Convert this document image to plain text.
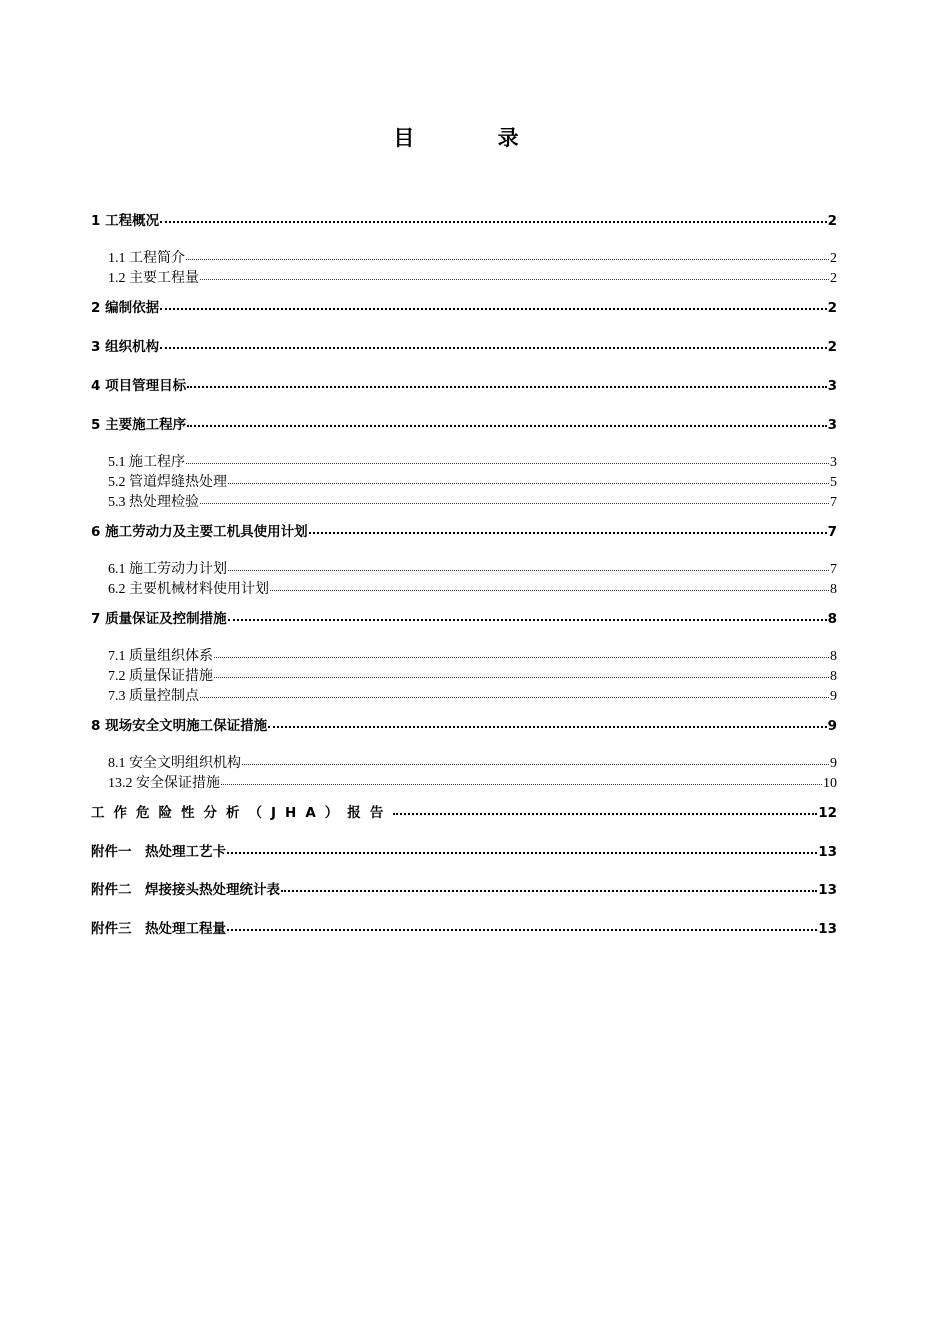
目 录
1 工程概况	2
1.1 工程简介	2
1.2 主要工程量	2
2 编制依据	2
3 组织机构	2
4 项目管理目标	3
5 主要施工程序	3
5.1 施工程序	3
5.2 管道焊缝热处理	5
5.3 热处理检验	7
6 施工劳动力及主要工机具使用计划	7
6.1 施工劳动力计划	7
6.2 主要机械材料使用计划	8
7 质量保证及控制措施	8
7.1 质量组织体系	8
7.2 质量保证措施	8
7.3 质量控制点	9
8 现场安全文明施工保证措施	9
8.1 安全文明组织机构	9
13.2 安全保证措施	10
工作危险性分析（JHA）报告	12
附件一　热处理工艺卡	13
附件二　焊接接头热处理统计表	13
附件三　热处理工程量	13
